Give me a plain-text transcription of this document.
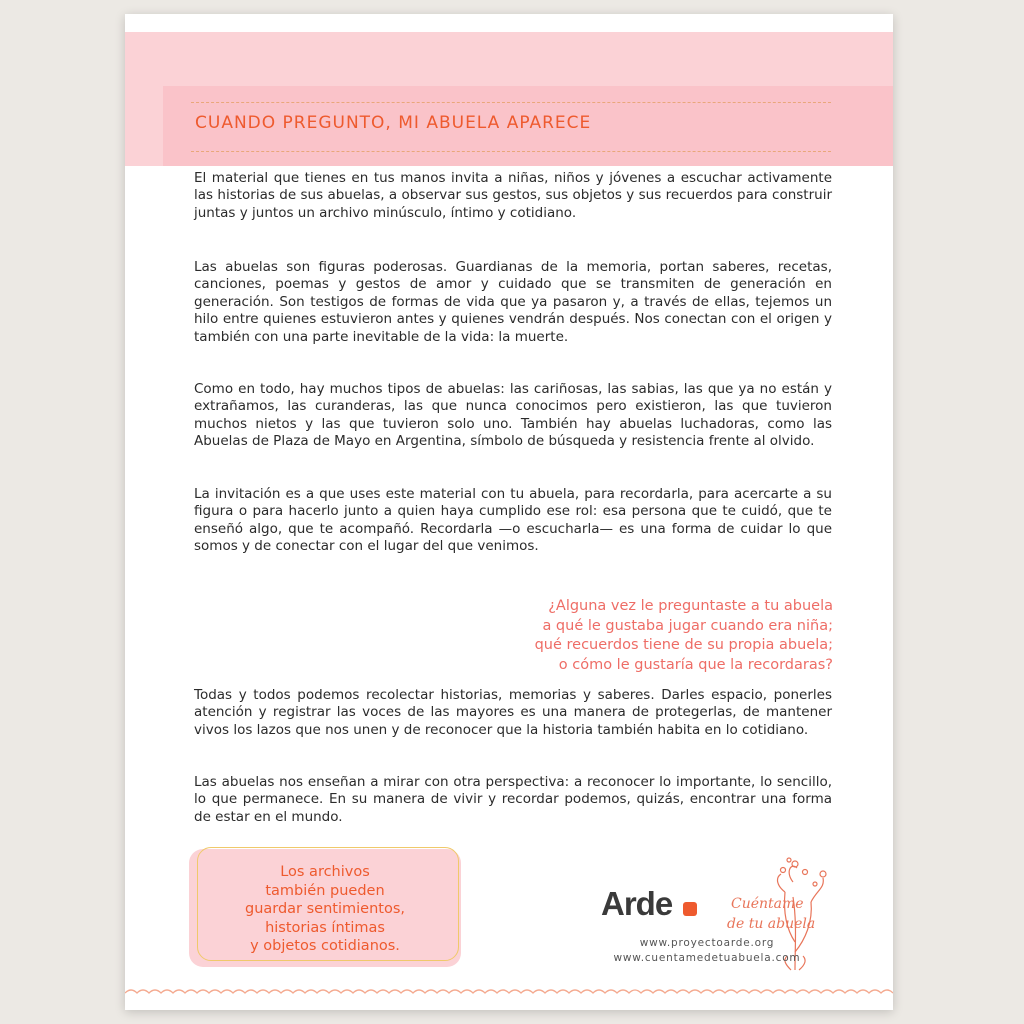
CUANDO PREGUNTO, MI ABUELA APARECE

El material que tienes en tus manos invita a niñas, niños y jóvenes a escuchar activamente las historias de sus abuelas, a observar sus gestos, sus objetos y sus recuerdos para construir juntas y juntos un archivo minúsculo, íntimo y cotidiano.

Las abuelas son figuras poderosas. Guardianas de la memoria, portan saberes, recetas, canciones, poemas y gestos de amor y cuidado que se transmiten de generación en generación. Son testigos de formas de vida que ya pasaron y, a través de ellas, tejemos un hilo entre quienes estuvieron antes y quienes vendrán después. Nos conectan con el origen y también con una parte inevitable de la vida: la muerte.

Como en todo, hay muchos tipos de abuelas: las cariñosas, las sabias, las que ya no están y extrañamos, las curanderas, las que nunca conocimos pero existieron, las que tuvieron muchos nietos y las que tuvieron solo uno. También hay abuelas luchadoras, como las Abuelas de Plaza de Mayo en Argentina, símbolo de búsqueda y resistencia frente al olvido.

La invitación es a que uses este material con tu abuela, para recordarla, para acercarte a su figura o para hacerlo junto a quien haya cumplido ese rol: esa persona que te cuidó, que te enseñó algo, que te acompañó. Recordarla —o escucharla— es una forma de cuidar lo que somos y de conectar con el lugar del que venimos.

¿Alguna vez le preguntaste a tu abuela
a qué le gustaba jugar cuando era niña;
qué recuerdos tiene de su propia abuela;
o cómo le gustaría que la recordaras?

Todas y todos podemos recolectar historias, memorias y saberes. Darles espacio, ponerles atención y registrar las voces de las mayores es una manera de protegerlas, de mantener vivos los lazos que nos unen y de reconocer que la historia también habita en lo cotidiano.

Las abuelas nos enseñan a mirar con otra perspectiva: a reconocer lo importante, lo sencillo, lo que permanece. En su manera de vivir y recordar podemos, quizás, encontrar una forma de estar en el mundo.

Los archivos
también pueden
guardar sentimientos,
historias íntimas
y objetos cotidianos.
Arde	Cuéntame
de tu abuela
www.proyectoarde.org
www.cuentamedetuabuela.com
